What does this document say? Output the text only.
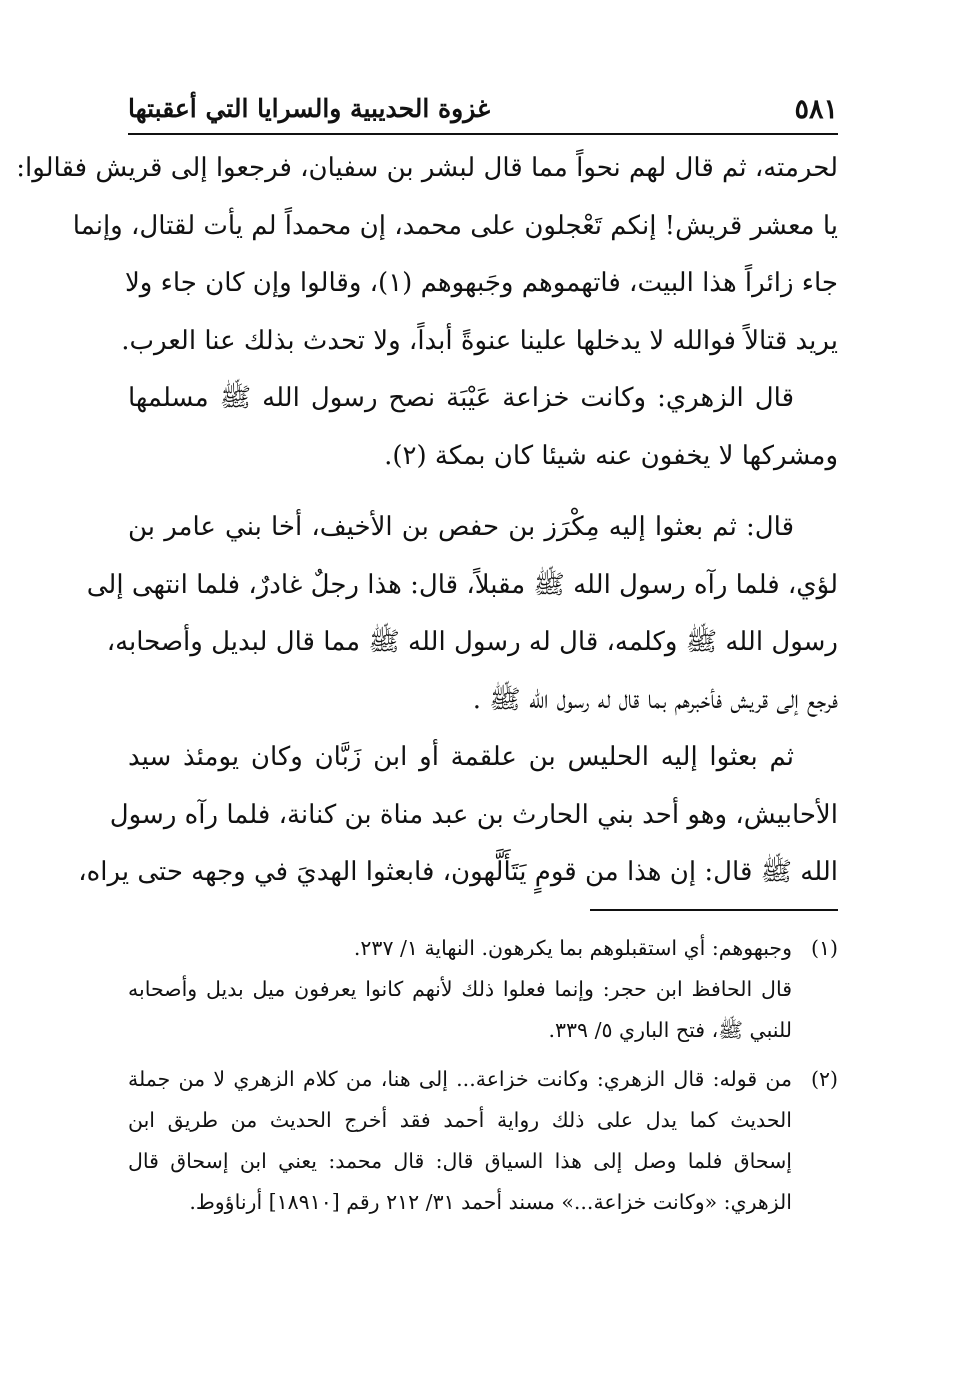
٥٨١
غزوة الحديبية والسرايا التي أعقبتها
لحرمته، ثم قال لهم نحواً مما قال لبشر بن سفيان، فرجعوا إلى قريش فقالوا:
يا معشر قريش! إنكم تَعْجلون على محمد، إن محمداً لم يأت لقتال، وإنما
جاء زائراً هذا البيت، فاتهموهم وجَبهوهم (١)، وقالوا وإن كان جاء ولا
يريد قتالاً فوالله لا يدخلها علينا عنوةً أبداً، ولا تحدث بذلك عنا العرب.
قال الزهري: وكانت خزاعة عَيْبَة نصح رسول الله ﷺ مسلمها
ومشركها لا يخفون عنه شيئا كان بمكة (٢).
قال: ثم بعثوا إليه مِكْرَز بن حفص بن الأخيف، أخا بني عامر بن
لؤي، فلما رآه رسول الله ﷺ مقبلاً، قال: هذا رجلٌ غادرٌ، فلما انتهى إلى
رسول الله ﷺ وكلمه، قال له رسول الله ﷺ مما قال لبديل وأصحابه،
فرجع إلى قريش فأخبرهم بما قال له رسول الله ﷺ .
ثم بعثوا إليه الحليس بن علقمة أو ابن زَبَّان وكان يومئذ سيد
الأحابيش، وهو أحد بني الحارث بن عبد مناة بن كنانة، فلما رآه رسول
الله ﷺ قال: إن هذا من قومٍ يَتَأَلَّهون، فابعثوا الهديَ في وجهه حتى يراه،
(١)وجبهوهم: أي استقبلوهم بما يكرهون. النهاية ١/ ٢٣٧.
قال الحافظ ابن حجر: وإنما فعلوا ذلك لأنهم كانوا يعرفون ميل بديل وأصحابه
للنبي ﷺ، فتح الباري ٥/ ٣٣٩.
(٢)من قوله: قال الزهري: وكانت خزاعة... إلى هنا، من كلام الزهري لا من جملة
الحديث كما يدل على ذلك رواية أحمد فقد أخرج الحديث من طريق ابن
إسحاق فلما وصل إلى هذا السياق قال: قال محمد: يعني ابن إسحاق قال
الزهري: «وكانت خزاعة...» مسند أحمد ٣١/ ٢١٢ رقم [١٨٩١٠] أرناؤوط.
